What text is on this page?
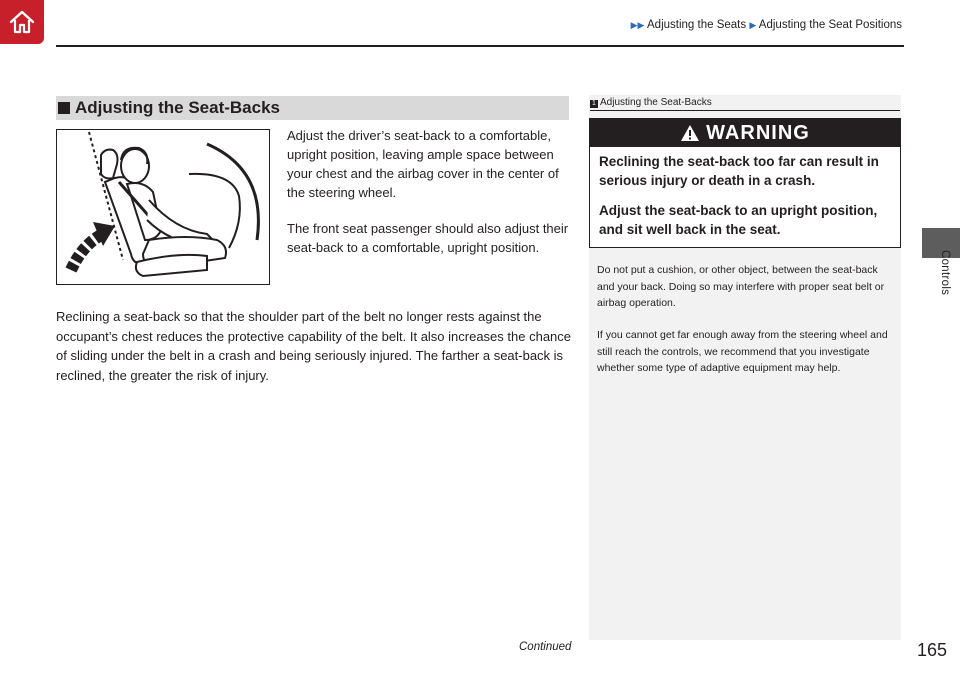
▶▶ Adjusting the Seats ▶ Adjusting the Seat Positions
Controls
Adjusting the Seat-Backs

Adjust the driver’s seat-back to a comfortable, upright position, leaving ample space between your chest and the airbag cover in the center of the steering wheel.

The front seat passenger should also adjust their seat-back to a comfortable, upright position.

Reclining a seat-back so that the shoulder part of the belt no longer rests against the occupant’s chest reduces the protective capability of the belt. It also increases the chance of sliding under the belt in a crash and being seriously injured. The farther a seat-back is reclined, the greater the risk of injury.

1 Adjusting the Seat-Backs
WARNING

Reclining the seat-back too far can result in serious injury or death in a crash.

Adjust the seat-back to an upright position, and sit well back in the seat.

Do not put a cushion, or other object, between the seat-back and your back. Doing so may interfere with proper seat belt or airbag operation.

If you cannot get far enough away from the steering wheel and still reach the controls, we recommend that you investigate whether some type of adaptive equipment may help.

Continued	165
